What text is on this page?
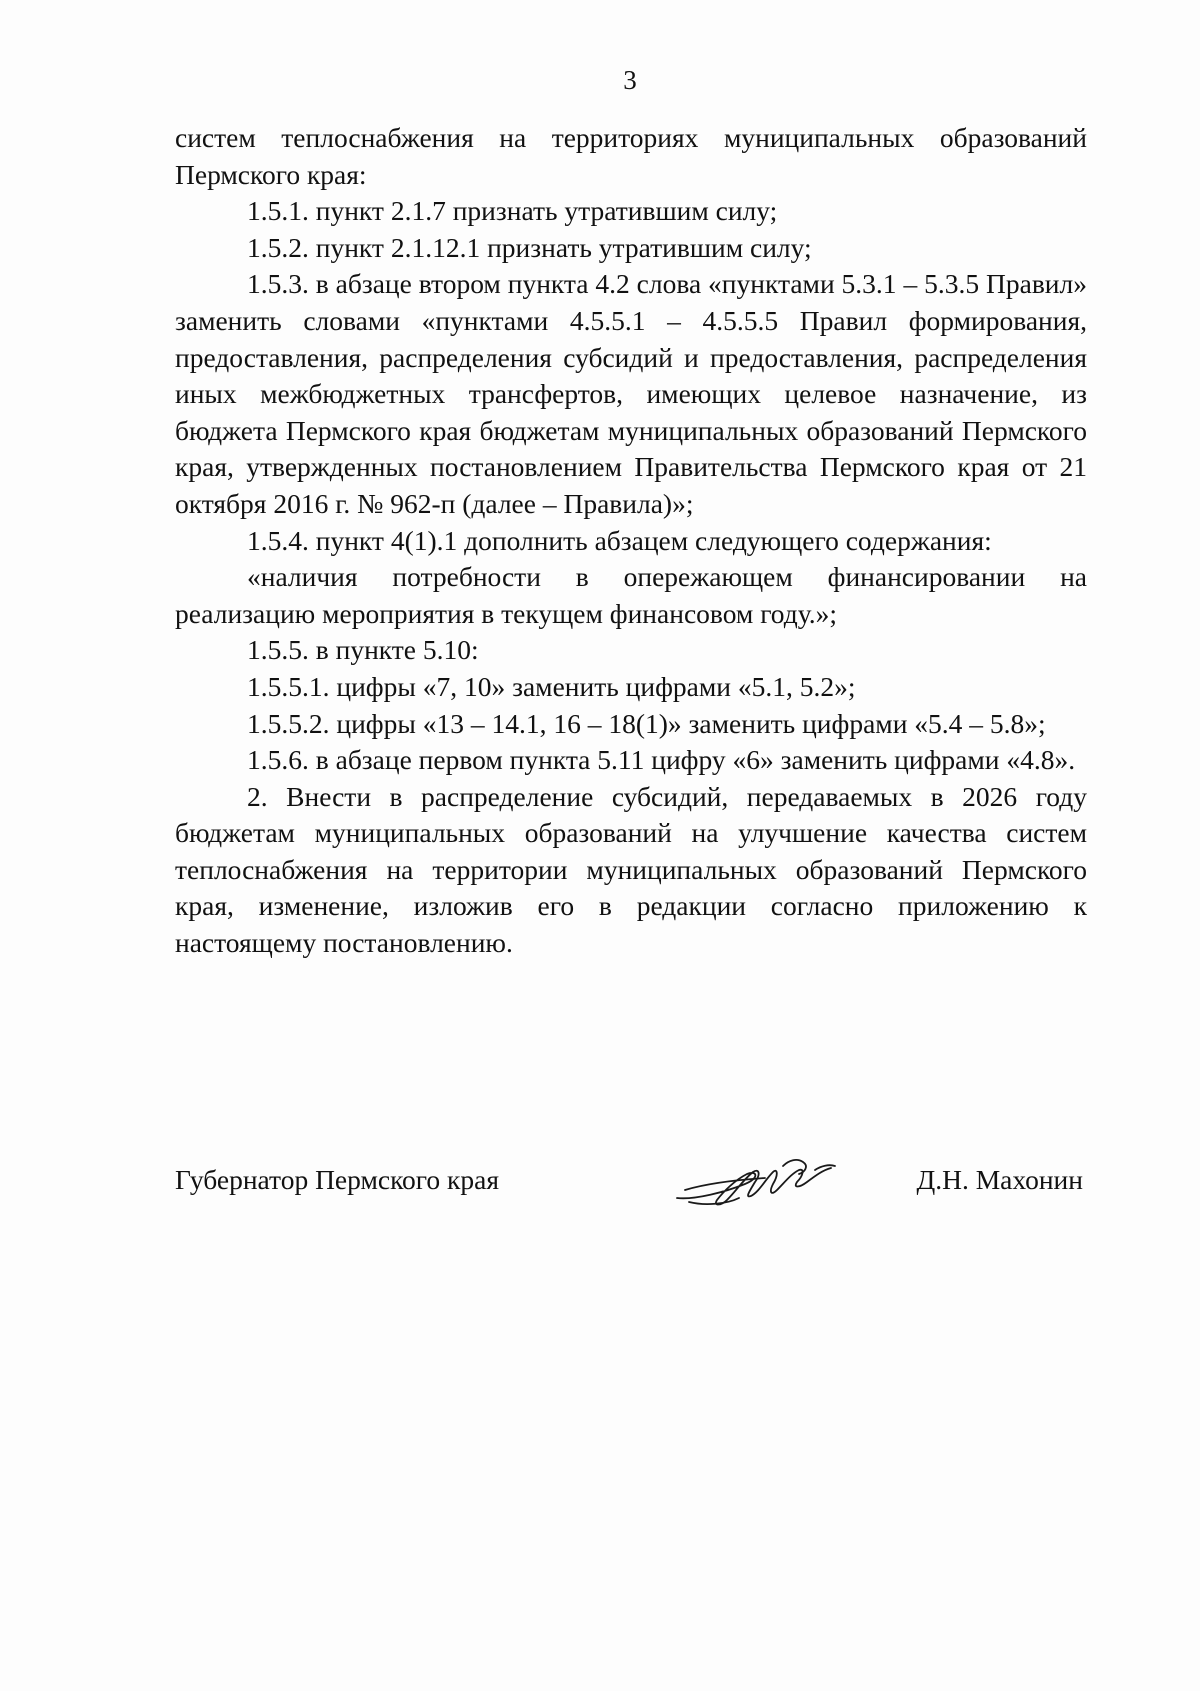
3

систем теплоснабжения на территориях муниципальных образований Пермского края:

1.5.1. пункт 2.1.7 признать утратившим силу;

1.5.2. пункт 2.1.12.1 признать утратившим силу;

1.5.3. в абзаце втором пункта 4.2 слова «пунктами 5.3.1 – 5.3.5 Правил» заменить словами «пунктами 4.5.5.1 – 4.5.5.5 Правил формирования, предоставления, распределения субсидий и предоставления, распределения иных межбюджетных трансфертов, имеющих целевое назначение, из бюджета Пермского края бюджетам муниципальных образований Пермского края, утвержденных постановлением Правительства Пермского края от 21 октября 2016 г. № 962-п (далее – Правила)»;

1.5.4. пункт 4(1).1 дополнить абзацем следующего содержания:

«наличия потребности в опережающем финансировании на реализацию мероприятия в текущем финансовом году.»;

1.5.5. в пункте 5.10:

1.5.5.1. цифры «7, 10» заменить цифрами «5.1, 5.2»;

1.5.5.2. цифры «13 – 14.1, 16 – 18(1)» заменить цифрами «5.4 – 5.8»;

1.5.6. в абзаце первом пункта 5.11 цифру «6» заменить цифрами «4.8».

2. Внести в распределение субсидий, передаваемых в 2026 году бюджетам муниципальных образований на улучшение качества систем теплоснабжения на территории муниципальных образований Пермского края, изменение, изложив его в редакции согласно приложению к настоящему постановлению.

Губернатор Пермского края	Д.Н. Махонин
